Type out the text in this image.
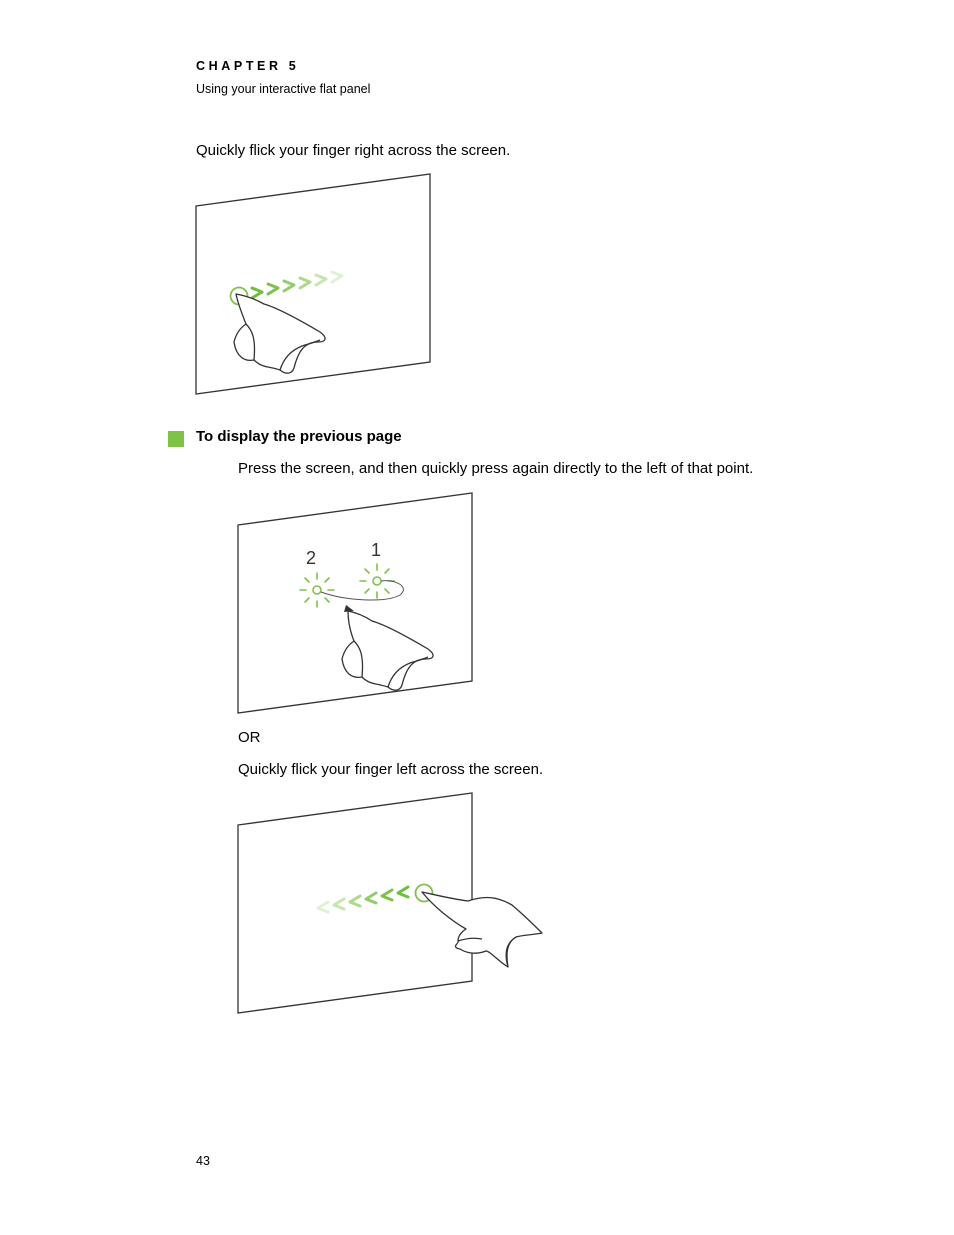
CHAPTER 5
Using your interactive flat panel
Quickly flick your finger right across the screen.
To display the previous page
Press the screen, and then quickly press again directly to the left of that point.
2	1
OR
Quickly flick your finger left across the screen.
43
